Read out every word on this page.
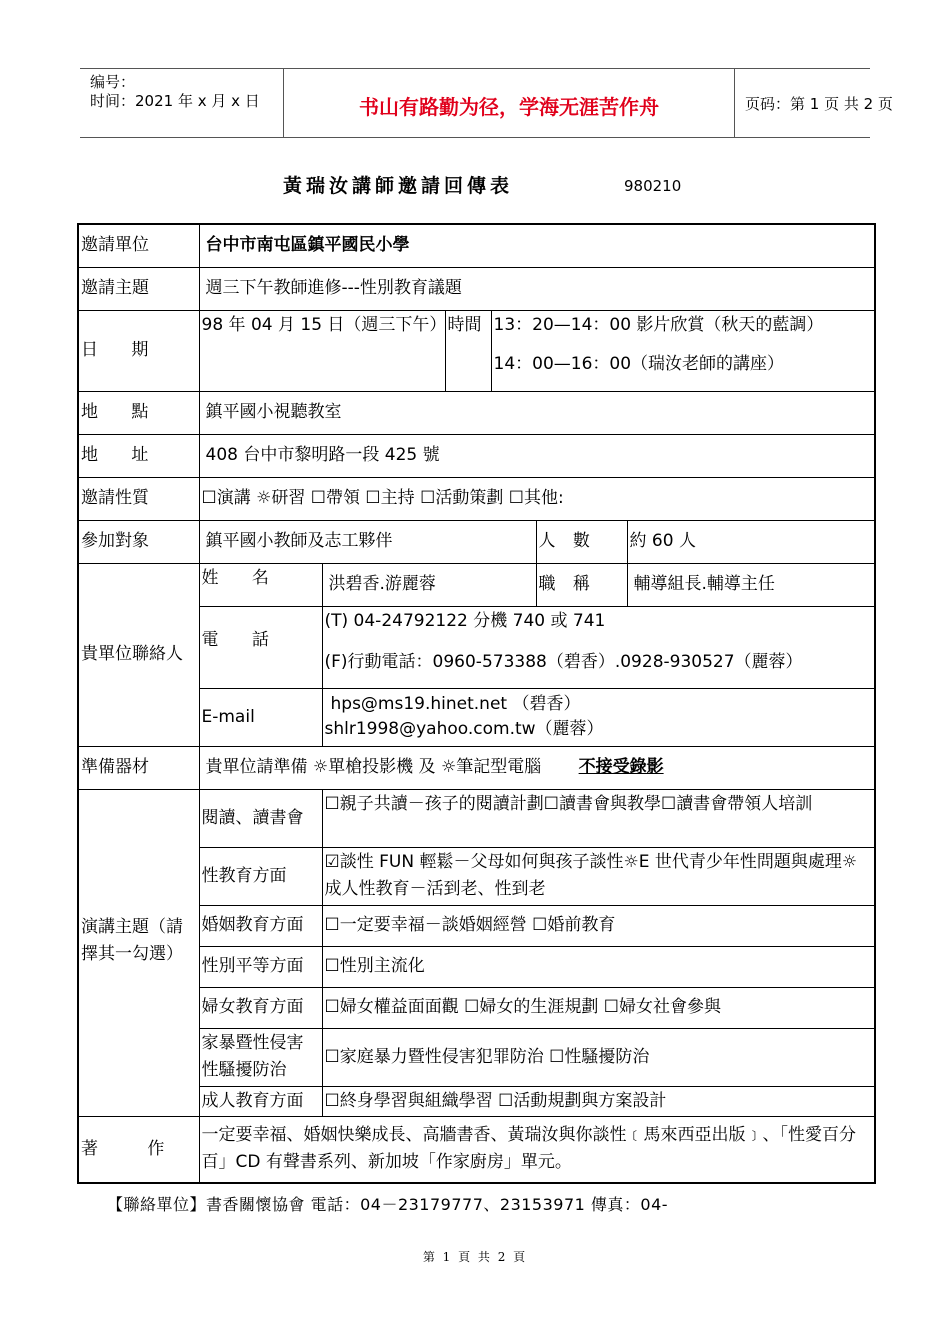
编号：
时间：2021 年 x 月 x 日	书山有路勤为径，学海无涯苦作舟	页码：第 1 页 共 2 页
黃瑞汝講師邀請回傳表	980210
邀請單位	台中市南屯區鎮平國民小學					
邀請主題	週三下午教師進修---性別教育議題					
日 期	98 年 04 月 15 日（週三下午）		時間	13：20—14：00 影片欣賞（秋天的藍調）
14：00—16：00（瑞汝老師的講座）		

地 點	鎮平國小視聽教室					
地 址	408 台中市黎明路一段 425 號					
邀請性質	☐演講 ☼研習 ☐帶領 ☐主持 ☐活動策劃 ☐其他:					
參加對象	鎮平國小教師及志工夥伴				人 數	約 60 人
貴單位聯絡人	姓 名	洪碧香.游麗蓉			職 稱	輔導組長.輔導主任
	電 話	(T) 04-24792122 分機 740 或 741
(F)行動電話：0960-573388（碧香）.0928-930527（麗蓉）				

	E-mail	hps@ms19.hinet.net （碧香）
shlr1998@yahoo.com.tw（麗蓉）				

準備器材	貴單位請準備 ☼單槍投影機 及 ☼筆記型電腦 不接受錄影					
演講主題（請擇其一勾選）	閱讀、讀書會	☐親子共讀－孩子的閱讀計劃☐讀書會與教學☐讀書會帶領人培訓				
	性教育方面	☑談性 FUN 輕鬆－父母如何與孩子談性☼E 世代青少年性問題與處理☼成人性教育－活到老、性到老				
	婚姻教育方面	☐一定要幸福－談婚姻經營 ☐婚前教育				
	性別平等方面	☐性別主流化				
	婦女教育方面	☐婦女權益面面觀 ☐婦女的生涯規劃 ☐婦女社會參與				
	家暴暨性侵害性騷擾防治	☐家庭暴力暨性侵害犯罪防治 ☐性騷擾防治				
	成人教育方面	☐終身學習與組織學習 ☐活動規劃與方案設計				
著 作	一定要幸福、婚姻快樂成長、高牆書香、黃瑞汝與你談性﹝馬來西亞出版﹞、「性愛百分百」CD 有聲書系列、新加坡「作家廚房」單元。					
【聯絡單位】書香關懷協會 電話：04－23179777、23153971 傳真：04-
第 1 頁 共 2 頁
